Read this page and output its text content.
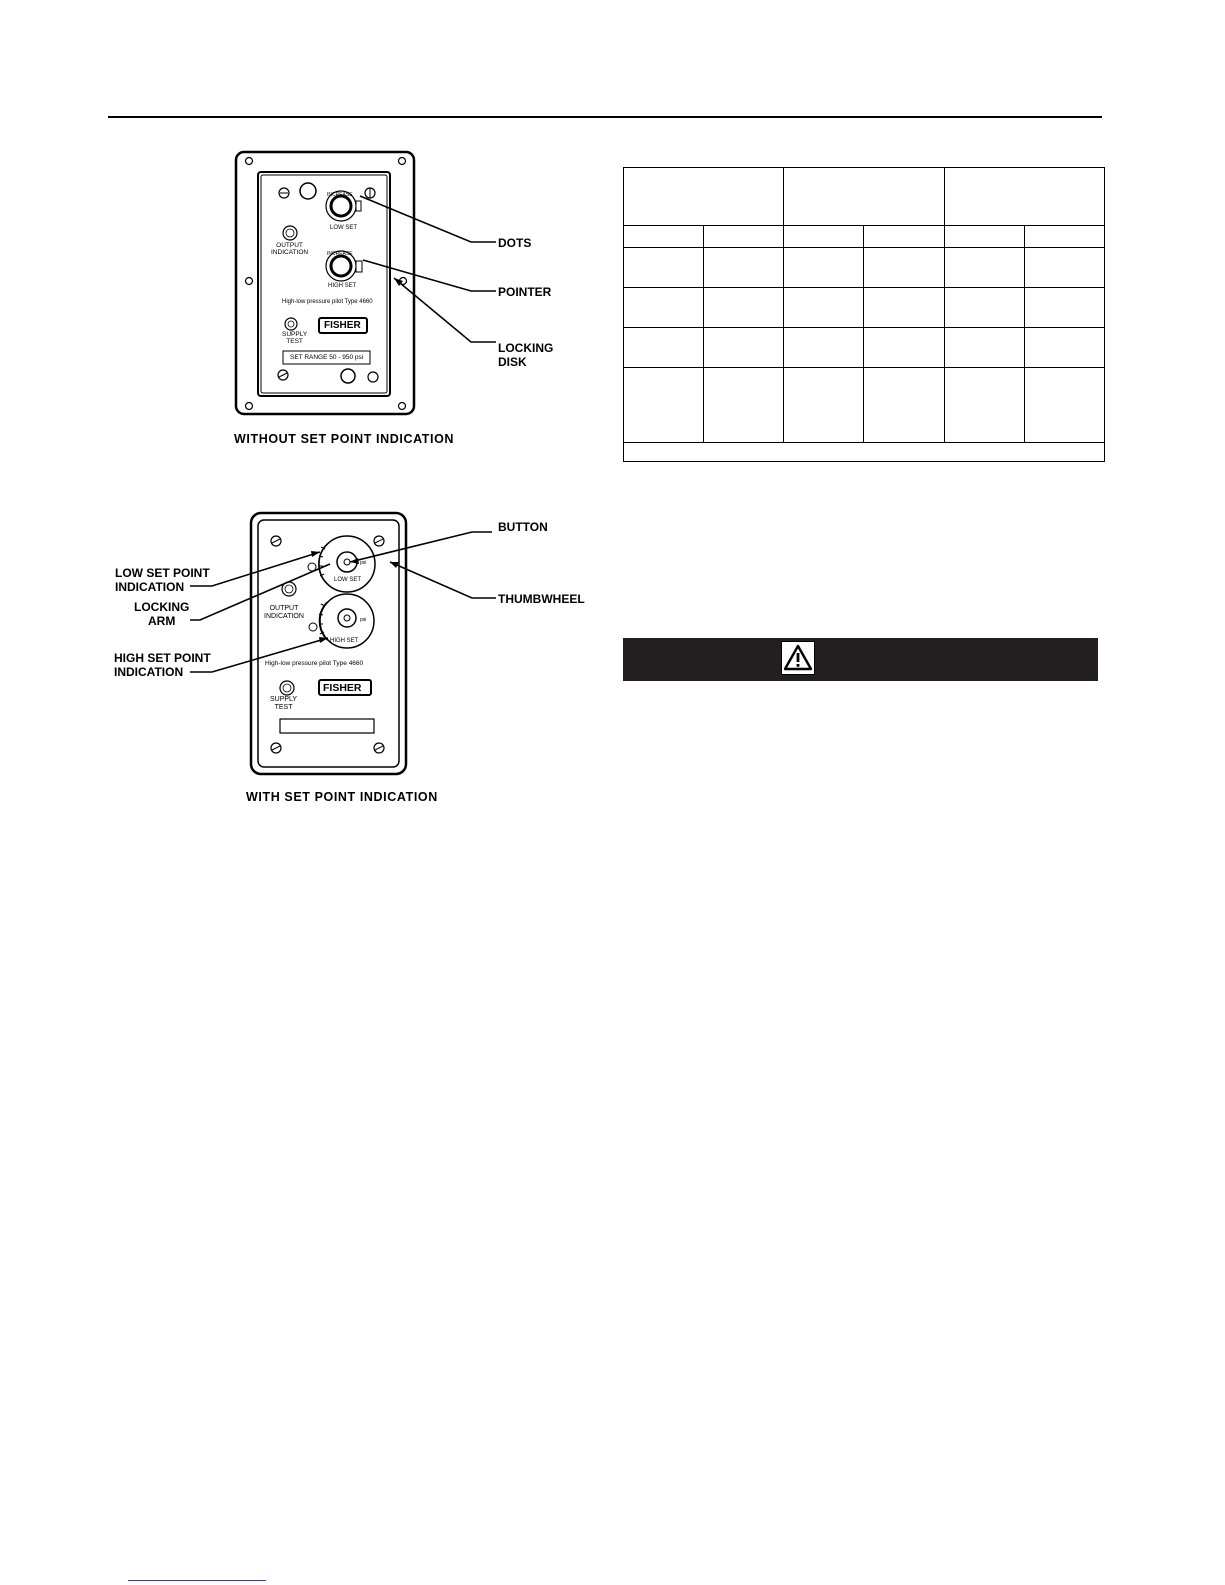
INCREASE
LOW SET
INCREASE
HIGH SET
OUTPUT
INDICATION
High-low pressure pilot Type 4660
FISHER
SUPPLY
TEST
SET RANGE 50 - 950 psi
DOTS
POINTER
LOCKING
DISK
WITHOUT SET POINT INDICATION
LOW SET
HIGH SET
psi
psi
OUTPUT
INDICATION
High-low pressure pilot Type 4660
FISHER
SUPPLY
TEST
BUTTON
THUMBWHEEL
LOW SET POINT
INDICATION
LOCKING
ARM
HIGH SET POINT
INDICATION
WITH SET POINT INDICATION
